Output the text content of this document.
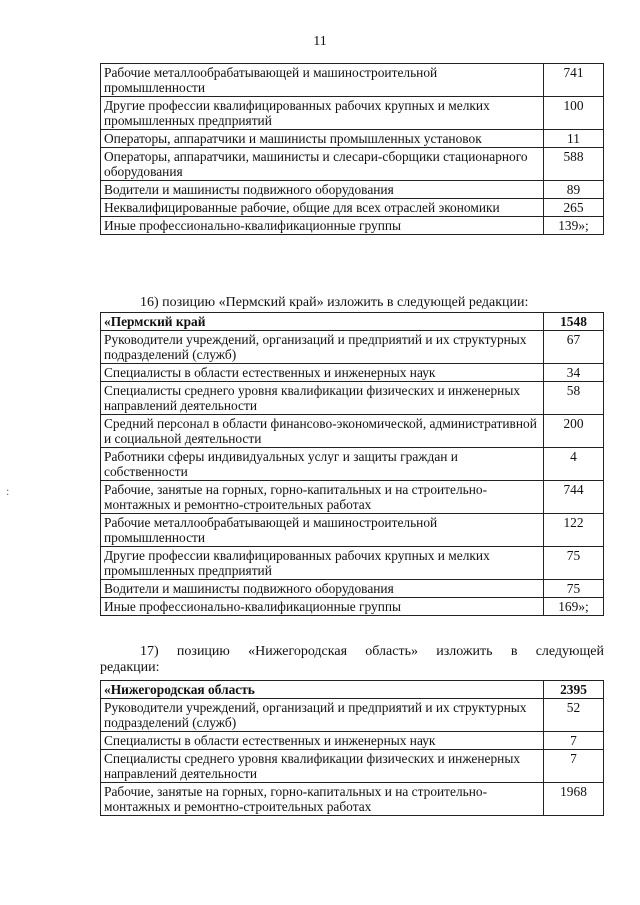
11
:
Рабочие металлообрабатывающей и машиностроительной промышленности	741
Другие профессии квалифицированных рабочих крупных и мелких промышленных предприятий	100
Операторы, аппаратчики и машинисты промышленных установок	11
Операторы, аппаратчики, машинисты и слесари-сборщики стационарного оборудования	588
Водители и машинисты подвижного оборудования	89
Неквалифицированные рабочие, общие для всех отраслей экономики	265
Иные профессионально-квалификационные группы	139»;
16) позицию «Пермский край» изложить в следующей редакции:
«Пермский край	1548
Руководители учреждений, организаций и предприятий и их структурных подразделений (служб)	67
Специалисты в области естественных и инженерных наук	34
Специалисты среднего уровня квалификации физических и инженерных направлений деятельности	58
Средний персонал в области финансово-экономической, административной и социальной деятельности	200
Работники сферы индивидуальных услуг и защиты граждан и собственности	4
Рабочие, занятые на горных, горно-капитальных и на строительно-монтажных и ремонтно-строительных работах	744
Рабочие металлообрабатывающей и машиностроительной промышленности	122
Другие профессии квалифицированных рабочих крупных и мелких промышленных предприятий	75
Водители и машинисты подвижного оборудования	75
Иные профессионально-квалификационные группы	169»;
17) позицию «Нижегородская область» изложить в следующей
редакции:
«Нижегородская область	2395
Руководители учреждений, организаций и предприятий и их структурных подразделений (служб)	52
Специалисты в области естественных и инженерных наук	7
Специалисты среднего уровня квалификации физических и инженерных направлений деятельности	7
Рабочие, занятые на горных, горно-капитальных и на строительно-монтажных и ремонтно-строительных работах	1968
